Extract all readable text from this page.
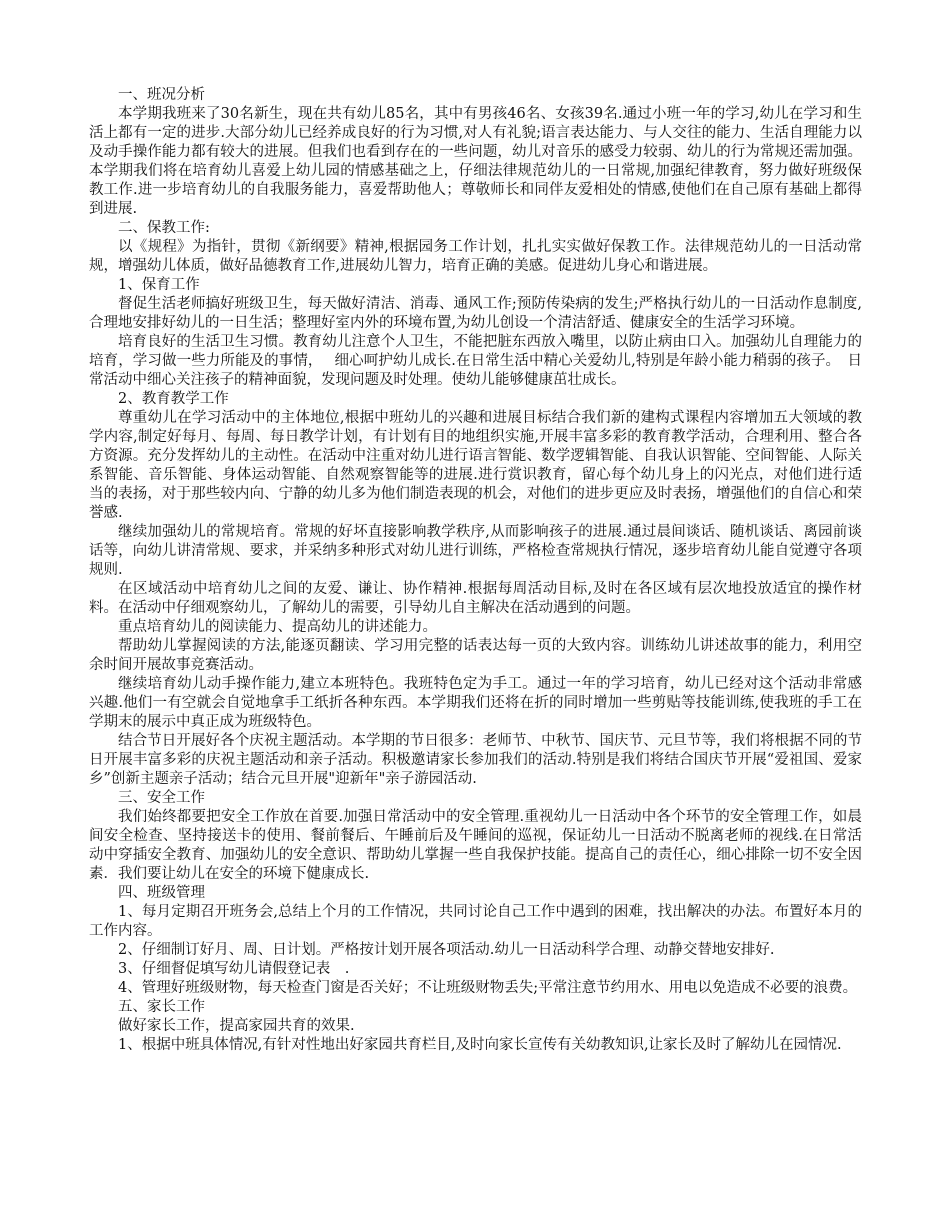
一、班况分析

本学期我班来了30名新生，现在共有幼儿85名，其中有男孩46名、女孩39名.通过小班一年的学习,幼儿在学习和生活上都有一定的进步.大部分幼儿已经养成良好的行为习惯,对人有礼貌;语言表达能力、与人交往的能力、生活自理能力以及动手操作能力都有较大的进展。但我们也看到存在的一些问题，幼儿对音乐的感受力较弱、幼儿的行为常规还需加强。本学期我们将在培育幼儿喜爱上幼儿园的情感基础之上，仔细法律规范幼儿的一日常规,加强纪律教育，努力做好班级保教工作.进一步培育幼儿的自我服务能力，喜爱帮助他人；尊敬师长和同伴友爱相处的情感,使他们在自己原有基础上都得到进展.

二、保教工作:

以《规程》为指针，贯彻《新纲要》精神,根据园务工作计划，扎扎实实做好保教工作。法律规范幼儿的一日活动常规，增强幼儿体质，做好品德教育工作,进展幼儿智力，培育正确的美感。促进幼儿身心和谐进展。

1、保育工作

督促生活老师搞好班级卫生，每天做好清洁、消毒、通风工作;预防传染病的发生;严格执行幼儿的一日活动作息制度,合理地安排好幼儿的一日生活；整理好室内外的环境布置,为幼儿创设一个清洁舒适、健康安全的生活学习环境。

培育良好的生活卫生习惯。教育幼儿注意个人卫生，不能把脏东西放入嘴里，以防止病由口入。加强幼儿自理能力的培育，学习做一些力所能及的事情，　 细心呵护幼儿成长.在日常生活中精心关爱幼儿,特别是年龄小能力稍弱的孩子。　日常活动中细心关注孩子的精神面貌，发现问题及时处理。使幼儿能够健康茁壮成长。

2、教育教学工作

尊重幼儿在学习活动中的主体地位,根据中班幼儿的兴趣和进展目标结合我们新的建构式课程内容增加五大领域的教学内容,制定好每月、每周、每日教学计划，有计划有目的地组织实施,开展丰富多彩的教育教学活动，合理利用、整合各方资源。充分发挥幼儿的主动性。在活动中注重对幼儿进行语言智能、数学逻辑智能、自我认识智能、空间智能、人际关系智能、音乐智能、身体运动智能、自然观察智能等的进展.进行赏识教育，留心每个幼儿身上的闪光点，对他们进行适当的表扬，对于那些较内向、宁静的幼儿多为他们制造表现的机会，对他们的进步更应及时表扬，增强他们的自信心和荣誉感.

继续加强幼儿的常规培育。常规的好坏直接影响教学秩序,从而影响孩子的进展.通过晨间谈话、随机谈话、离园前谈话等，向幼儿讲清常规、要求，并采纳多种形式对幼儿进行训练，严格检查常规执行情况，逐步培育幼儿能自觉遵守各项规则.

在区域活动中培育幼儿之间的友爱、谦让、协作精神.根据每周活动目标,及时在各区域有层次地投放适宜的操作材料。在活动中仔细观察幼儿，了解幼儿的需要，引导幼儿自主解决在活动遇到的问题。

重点培育幼儿的阅读能力、提高幼儿的讲述能力。

帮助幼儿掌握阅读的方法,能逐页翻读、学习用完整的话表达每一页的大致内容。训练幼儿讲述故事的能力，利用空余时间开展故事竞赛活动。

继续培育幼儿动手操作能力,建立本班特色。我班特色定为手工。通过一年的学习培育，幼儿已经对这个活动非常感兴趣.他们一有空就会自觉地拿手工纸折各种东西。本学期我们还将在折的同时增加一些剪贴等技能训练,使我班的手工在学期末的展示中真正成为班级特色。

结合节日开展好各个庆祝主题活动。本学期的节日很多：老师节、中秋节、国庆节、元旦节等，我们将根据不同的节日开展丰富多彩的庆祝主题活动和亲子活动。积极邀请家长参加我们的活动.特别是我们将结合国庆节开展“爱祖国、爱家乡”创新主题亲子活动；结合元旦开展"迎新年"亲子游园活动.

三、安全工作

我们始终都要把安全工作放在首要.加强日常活动中的安全管理.重视幼儿一日活动中各个环节的安全管理工作，如晨间安全检查、坚持接送卡的使用、餐前餐后、午睡前后及午睡间的巡视，保证幼儿一日活动不脱离老师的视线.在日常活动中穿插安全教育、加强幼儿的安全意识、帮助幼儿掌握一些自我保护技能。提高自己的责任心，细心排除一切不安全因素．我们要让幼儿在安全的环境下健康成长.

四、班级管理

1、每月定期召开班务会,总结上个月的工作情况，共同讨论自己工作中遇到的困难，找出解决的办法。布置好本月的工作内容。

2、仔细制订好月、周、日计划。严格按计划开展各项活动.幼儿一日活动科学合理、动静交替地安排好.

3、仔细督促填写幼儿请假登记表　.

4、管理好班级财物，每天检查门窗是否关好；不让班级财物丢失;平常注意节约用水、用电以免造成不必要的浪费。

五、家长工作

做好家长工作，提高家园共育的效果.

1、根据中班具体情况,有针对性地出好家园共育栏目,及时向家长宣传有关幼教知识,让家长及时了解幼儿在园情况.
